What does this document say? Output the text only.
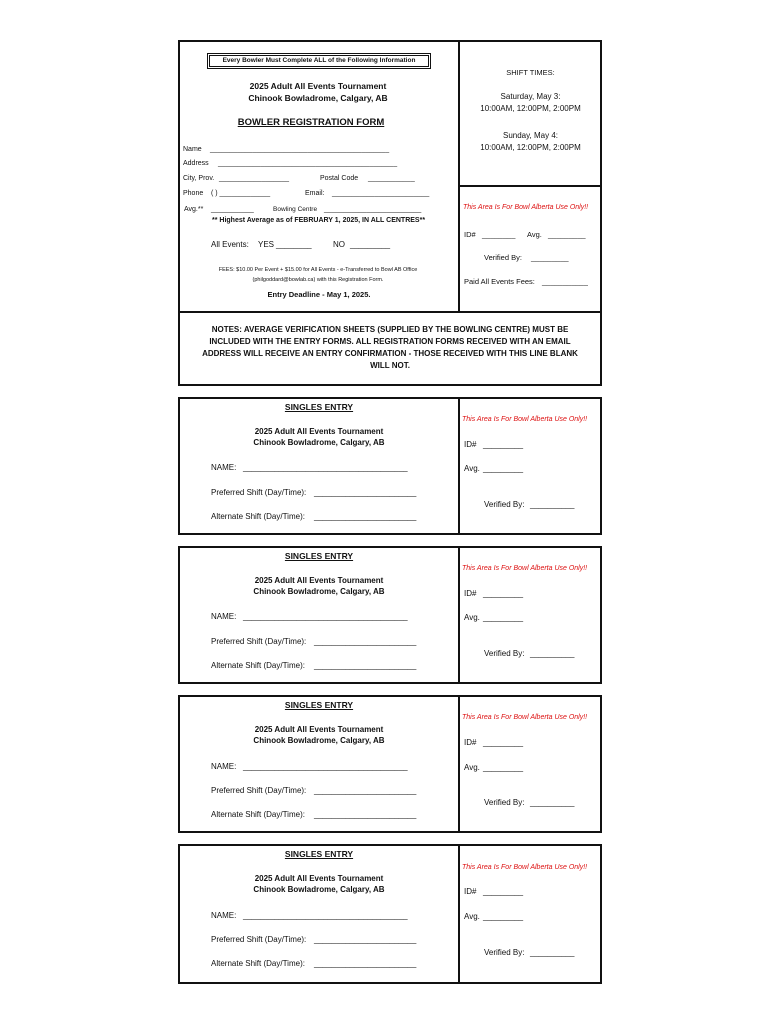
Every Bowler Must Complete ALL of the Following Information
2025 Adult All Events Tournament
Chinook Bowladrome, Calgary, AB
BOWLER REGISTRATION FORM
Name ______________________________________________
Address ______________________________________________
City, Prov. __________________	Postal Code ____________
Phone ( ) _____________	Email: _________________________
Avg.** ___________	Bowling Centre _________________________
** Highest Average as of FEBRUARY 1, 2025, IN ALL CENTRES**
All Events: YES ________	NO _________
FEES: $10.00 Per Event + $15.00 for All Events - e-Transferred to Bowl AB Office
(philgoddard@bowlab.ca) with this Registration Form.
Entry Deadline - May 1, 2025.
SHIFT TIMES:
Saturday, May 3:
10:00AM, 12:00PM, 2:00PM
Sunday, May 4:
10:00AM, 12:00PM, 2:00PM
This Area Is For Bowl Alberta Use Only!!
ID# ________ Avg. _________
Verified By: _________
Paid All Events Fees: ___________
NOTES: AVERAGE VERIFICATION SHEETS (SUPPLIED BY THE BOWLING CENTRE) MUST BE
INCLUDED WITH THE ENTRY FORMS. ALL REGISTRATION FORMS RECEIVED WITH AN EMAIL
ADDRESS WILL RECEIVE AN ENTRY CONFIRMATION - THOSE RECEIVED WITH THIS LINE BLANK
WILL NOT.
SINGLES ENTRY
2025 Adult All Events Tournament
Chinook Bowladrome, Calgary, AB
NAME: _____________________________________
Preferred Shift (Day/Time): _______________________
Alternate Shift (Day/Time): _______________________
This Area Is For Bowl Alberta Use Only!!
ID# _________
Avg. _________
Verified By: __________
SINGLES ENTRY
2025 Adult All Events Tournament
Chinook Bowladrome, Calgary, AB
NAME: _____________________________________
Preferred Shift (Day/Time): _______________________
Alternate Shift (Day/Time): _______________________
This Area Is For Bowl Alberta Use Only!!
ID# _________
Avg. _________
Verified By: __________
SINGLES ENTRY
2025 Adult All Events Tournament
Chinook Bowladrome, Calgary, AB
NAME: _____________________________________
Preferred Shift (Day/Time): _______________________
Alternate Shift (Day/Time): _______________________
This Area Is For Bowl Alberta Use Only!!
ID# _________
Avg. _________
Verified By: __________
SINGLES ENTRY
2025 Adult All Events Tournament
Chinook Bowladrome, Calgary, AB
NAME: _____________________________________
Preferred Shift (Day/Time): _______________________
Alternate Shift (Day/Time): _______________________
This Area Is For Bowl Alberta Use Only!!
ID# _________
Avg. _________
Verified By: __________
